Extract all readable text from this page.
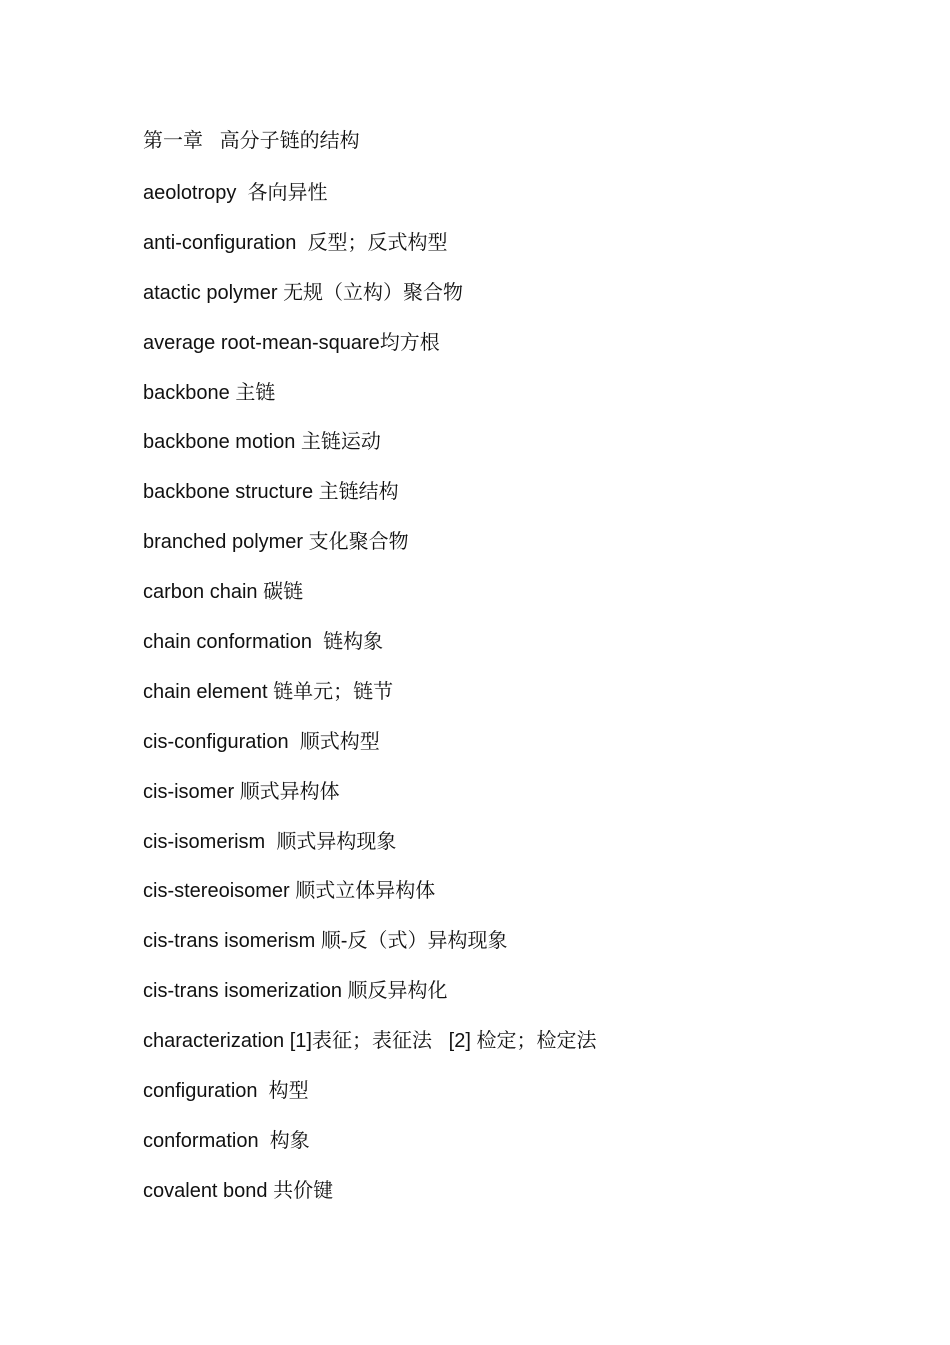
第一章   高分子链的结构
aeolotropy 各向异性
anti-configuration 反型；反式构型
atactic polymer 无规（立构）聚合物
average root-mean-square均方根
backbone 主链
backbone motion 主链运动
backbone structure 主链结构
branched polymer 支化聚合物
carbon chain 碳链
chain conformation 链构象
chain element 链单元；链节
cis-configuration 顺式构型
cis-isomer 顺式异构体
cis-isomerism 顺式异构现象
cis-stereoisomer 顺式立体异构体
cis-trans isomerism 顺-反（式）异构现象
cis-trans isomerization 顺反异构化
characterization [1]表征；表征法   [2] 检定；检定法
configuration 构型
conformation 构象
covalent bond 共价键
